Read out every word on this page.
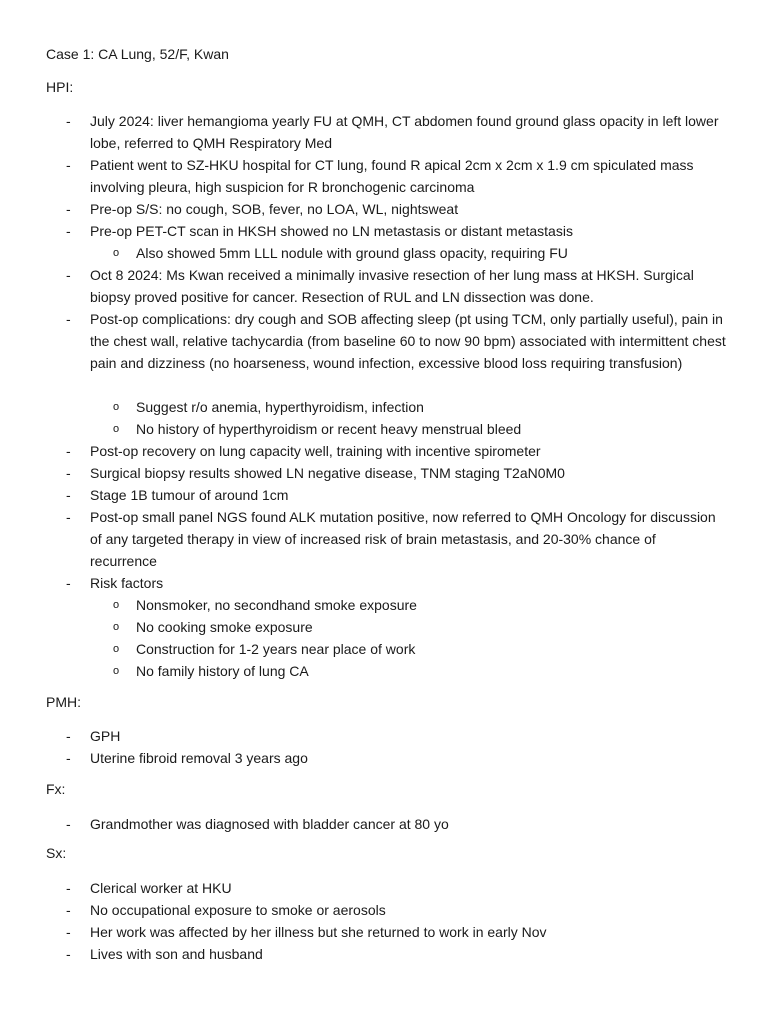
Case 1: CA Lung, 52/F, Kwan
HPI:
- July 2024: liver hemangioma yearly FU at QMH, CT abdomen found ground glass opacity in left lower lobe, referred to QMH Respiratory Med
- Patient went to SZ-HKU hospital for CT lung, found R apical 2cm x 2cm x 1.9 cm spiculated mass involving pleura, high suspicion for R bronchogenic carcinoma
- Pre-op S/S: no cough, SOB, fever, no LOA, WL, nightsweat
- Pre-op PET-CT scan in HKSH showed no LN metastasis or distant metastasis
o Also showed 5mm LLL nodule with ground glass opacity, requiring FU
- Oct 8 2024: Ms Kwan received a minimally invasive resection of her lung mass at HKSH. Surgical biopsy proved positive for cancer. Resection of RUL and LN dissection was done.
- Post-op complications: dry cough and SOB affecting sleep (pt using TCM, only partially useful), pain in the chest wall, relative tachycardia (from baseline 60 to now 90 bpm) associated with intermittent chest pain and dizziness (no hoarseness, wound infection, excessive blood loss requiring transfusion)
o Suggest r/o anemia, hyperthyroidism, infection
o No history of hyperthyroidism or recent heavy menstrual bleed
- Post-op recovery on lung capacity well, training with incentive spirometer
- Surgical biopsy results showed LN negative disease, TNM staging T2aN0M0
- Stage 1B tumour of around 1cm
- Post-op small panel NGS found ALK mutation positive, now referred to QMH Oncology for discussion of any targeted therapy in view of increased risk of brain metastasis, and 20-30% chance of recurrence
- Risk factors
o Nonsmoker, no secondhand smoke exposure
o No cooking smoke exposure
o Construction for 1-2 years near place of work
o No family history of lung CA
PMH:
- GPH
- Uterine fibroid removal 3 years ago
Fx:
- Grandmother was diagnosed with bladder cancer at 80 yo
Sx:
- Clerical worker at HKU
- No occupational exposure to smoke or aerosols
- Her work was affected by her illness but she returned to work in early Nov
- Lives with son and husband
